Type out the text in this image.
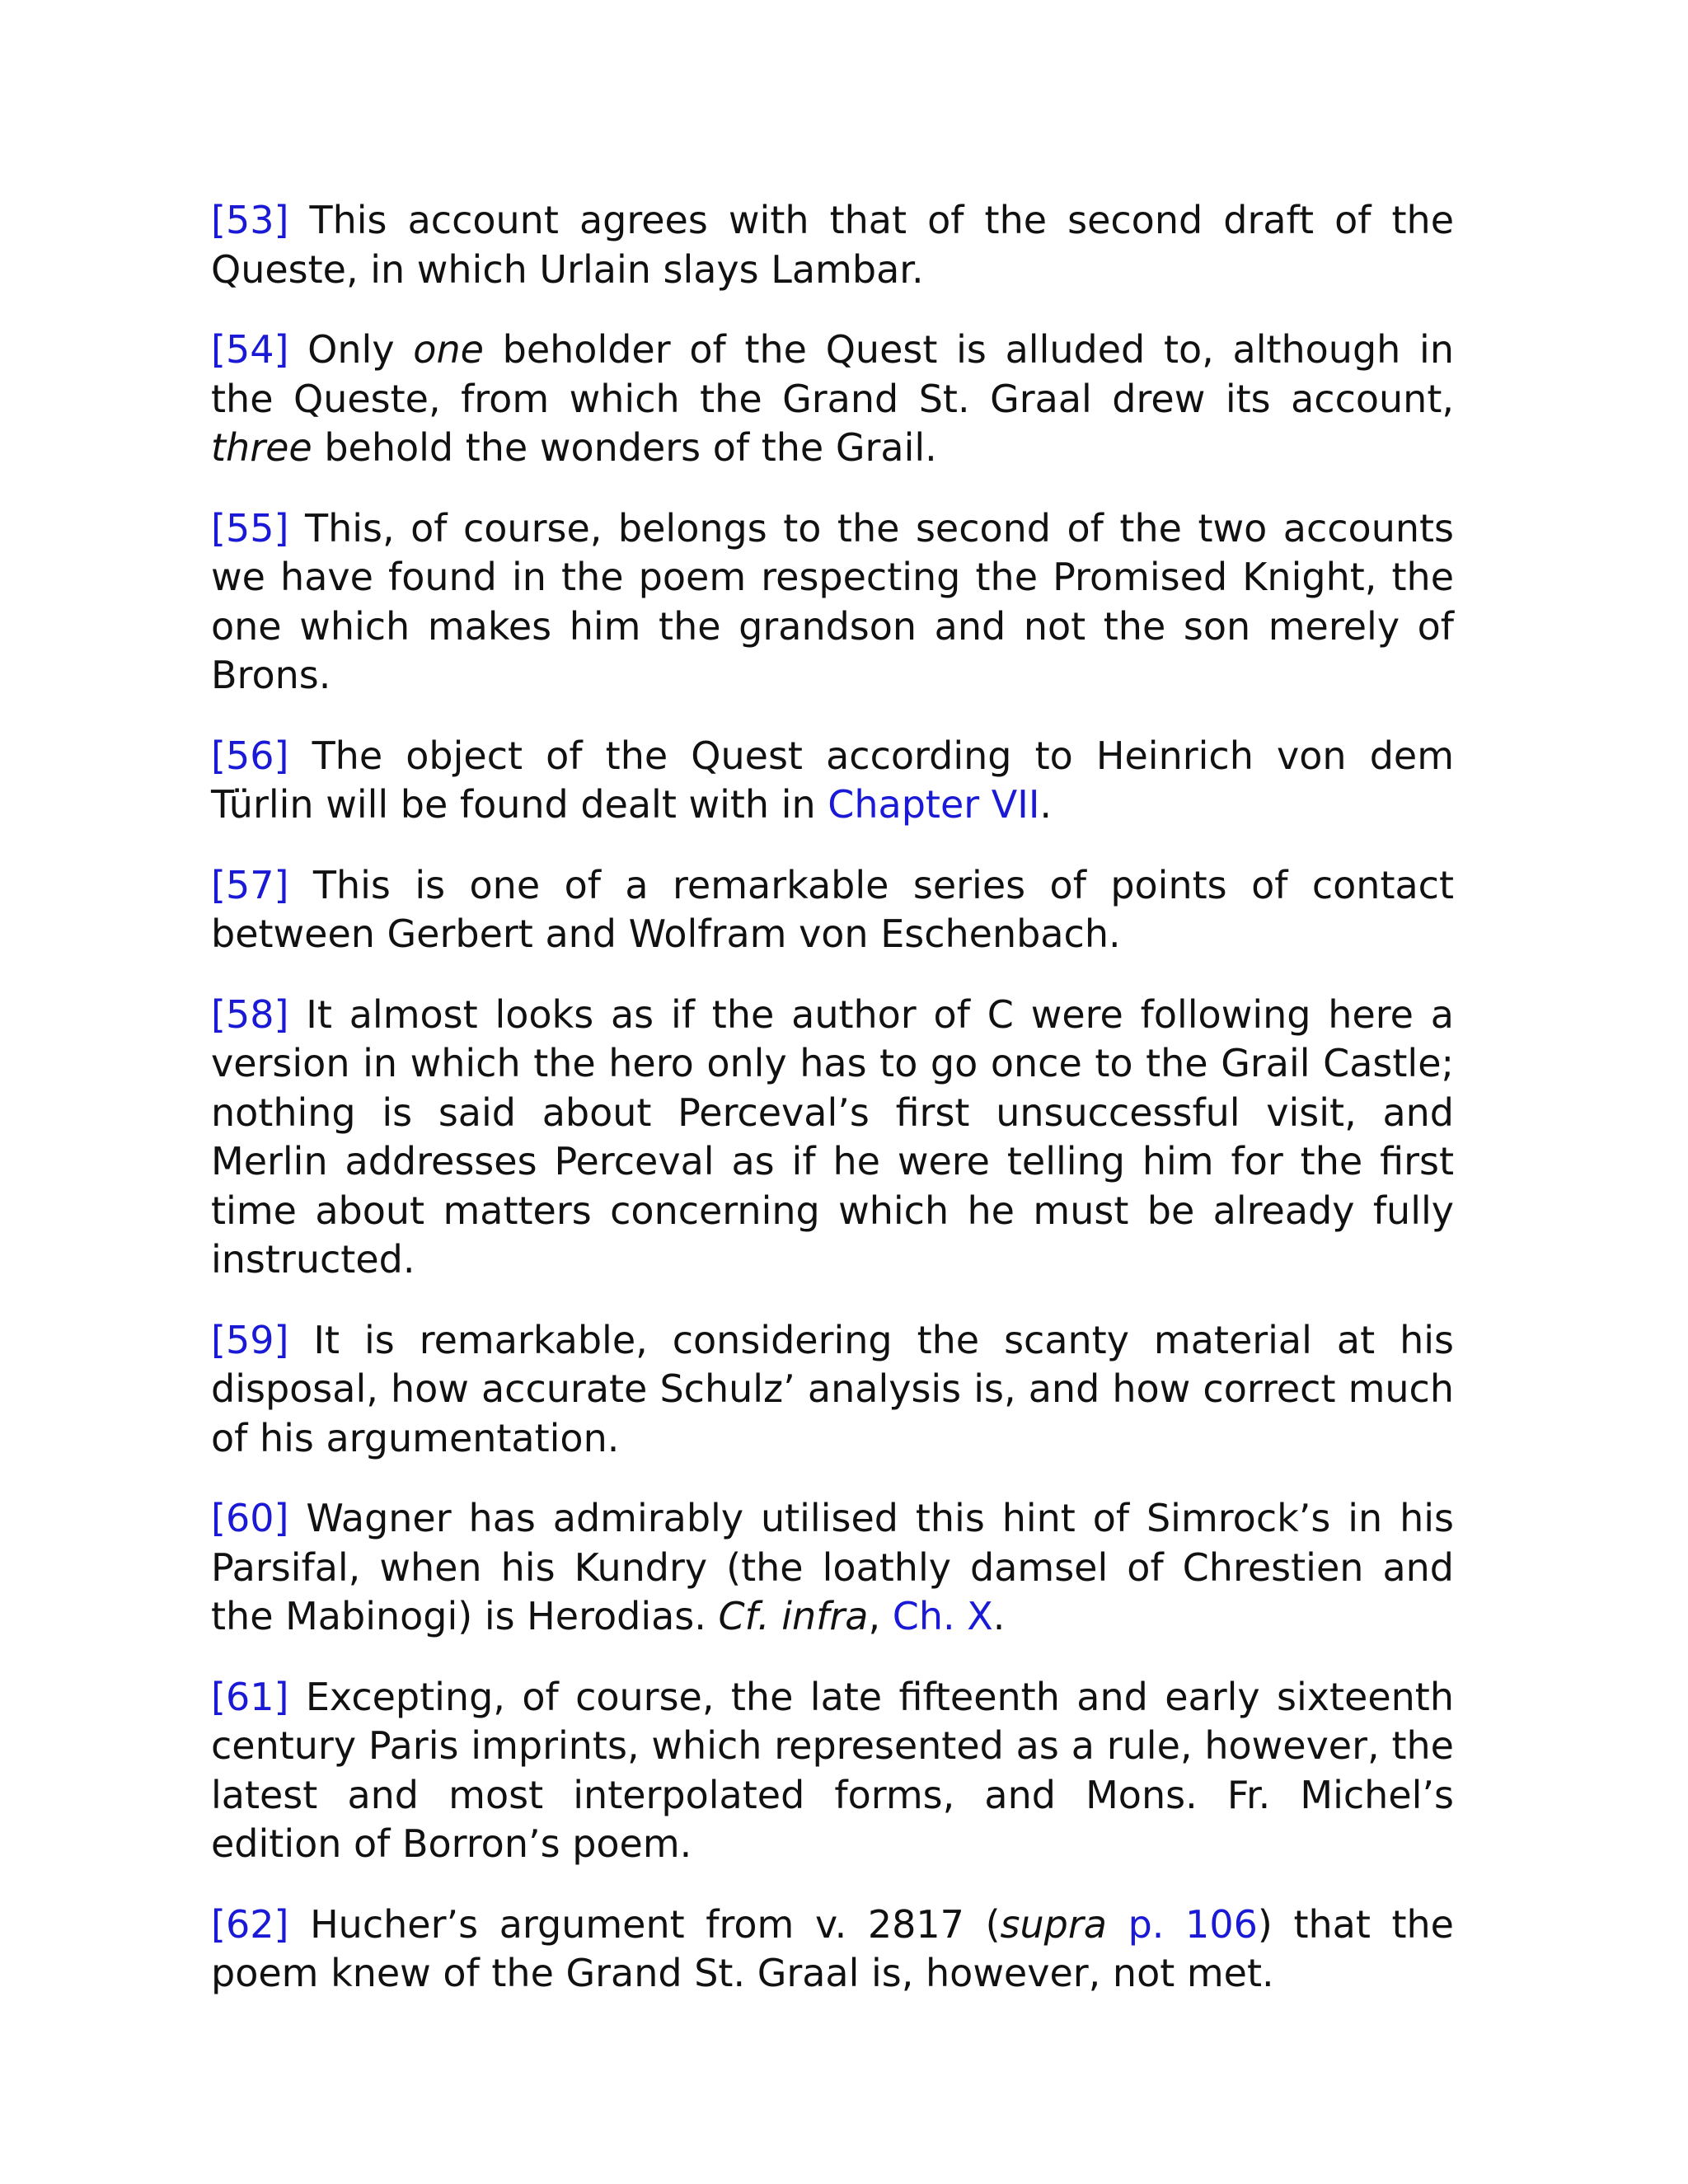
[53] This account agrees with that of the second draft of the Queste, in which Urlain slays Lambar.

[54] Only one beholder of the Quest is alluded to, although in the Queste, from which the Grand St. Graal drew its account, three behold the wonders of the Grail.

[55] This, of course, belongs to the second of the two accounts we have found in the poem respecting the Promised Knight, the one which makes him the grandson and not the son merely of Brons.

[56] The object of the Quest according to Heinrich von dem Türlin will be found dealt with in Chapter VII.

[57] This is one of a remarkable series of points of contact between Gerbert and Wolfram von Eschenbach.

[58] It almost looks as if the author of C were following here a version in which the hero only has to go once to the Grail Castle; nothing is said about Perceval’s first unsuccessful visit, and Merlin addresses Perceval as if he were telling him for the first time about matters concerning which he must be already fully instructed.

[59] It is remarkable, considering the scanty material at his disposal, how accurate Schulz’ analysis is, and how correct much of his argumentation.

[60] Wagner has admirably utilised this hint of Simrock’s in his Parsifal, when his Kundry (the loathly damsel of Chrestien and the Mabinogi) is Herodias. Cf. infra, Ch. X.

[61] Excepting, of course, the late fifteenth and early sixteenth century Paris imprints, which represented as a rule, however, the latest and most interpolated forms, and Mons. Fr. Michel’s edition of Borron’s poem.

[62] Hucher’s argument from v. 2817 (supra p. 106) that the poem knew of the Grand St. Graal is, however, not met.
